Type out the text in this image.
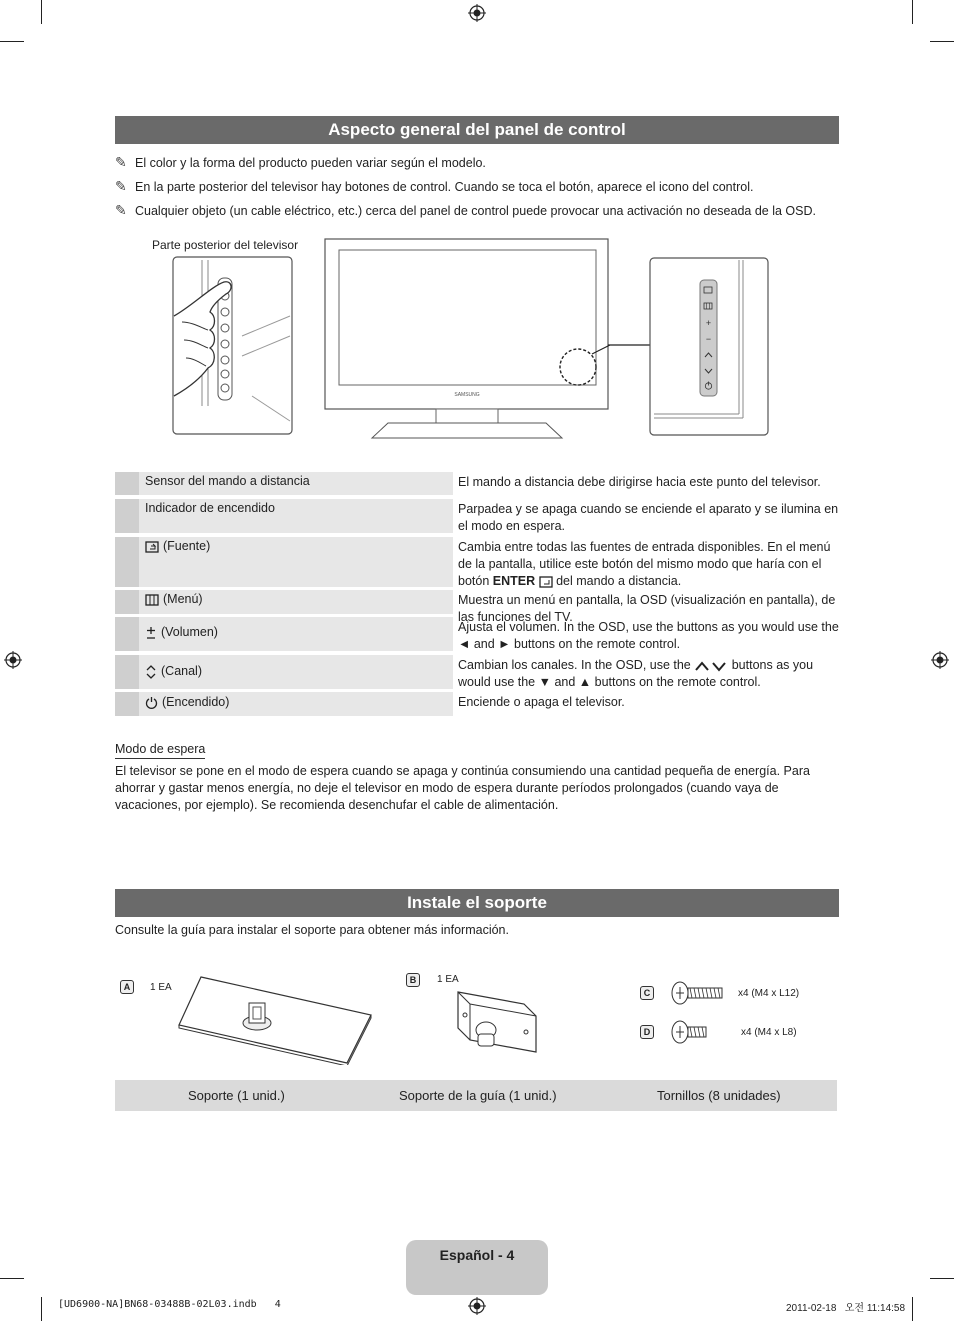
Aspecto general del panel de control
✎ El color y la forma del producto pueden variar según el modelo.
✎ En la parte posterior del televisor hay botones de control. Cuando se toca el botón, aparece el icono del control.
✎ Cualquier objeto (un cable eléctrico, etc.) cerca del panel de control puede provocar una activación no deseada de la OSD.
Parte posterior del televisor
SAMSUNG
+
−
Sensor del mando a distancia	El mando a distancia debe dirigirse hacia este punto del televisor.
Indicador de encendido	Parpadea y se apaga cuando se enciende el aparato y se ilumina en el modo en espera.
(Fuente)	Cambia entre todas las fuentes de entrada disponibles. En el menú de la pantalla, utilice este botón del mismo modo que haría con el botón ENTER  del mando a distancia.
(Menú)	Muestra un menú en pantalla, la OSD (visualización en pantalla), de las funciones del TV.
(Volumen)	Ajusta el volumen. In the OSD, use the buttons as you would use the ◄ and ► buttons on the remote control.
(Canal)	Cambian los canales. In the OSD, use the	buttons as you would use the ▼ and ▲ buttons on the remote control.
(Encendido)	Enciende o apaga el televisor.
Modo de espera
El televisor se pone en el modo de espera cuando se apaga y continúa consumiendo una cantidad pequeña de energía. Para ahorrar y gastar menos energía, no deje el televisor en modo de espera durante períodos prolongados (cuando vaya de vacaciones, por ejemplo). Se recomienda desenchufar el cable de alimentación.
Instale el soporte
Consulte la guía para instalar el soporte para obtener más información.
A	1 EA
B	1 EA
C	x4 (M4 x L12)
D	x4 (M4 x L8)
Soporte (1 unid.)	Soporte de la guía (1 unid.)	Tornillos (8 unidades)
Español - 4
[UD6900-NA]BN68-03488B-02L03.indb   4	2011-02-18   오전 11:14:58
